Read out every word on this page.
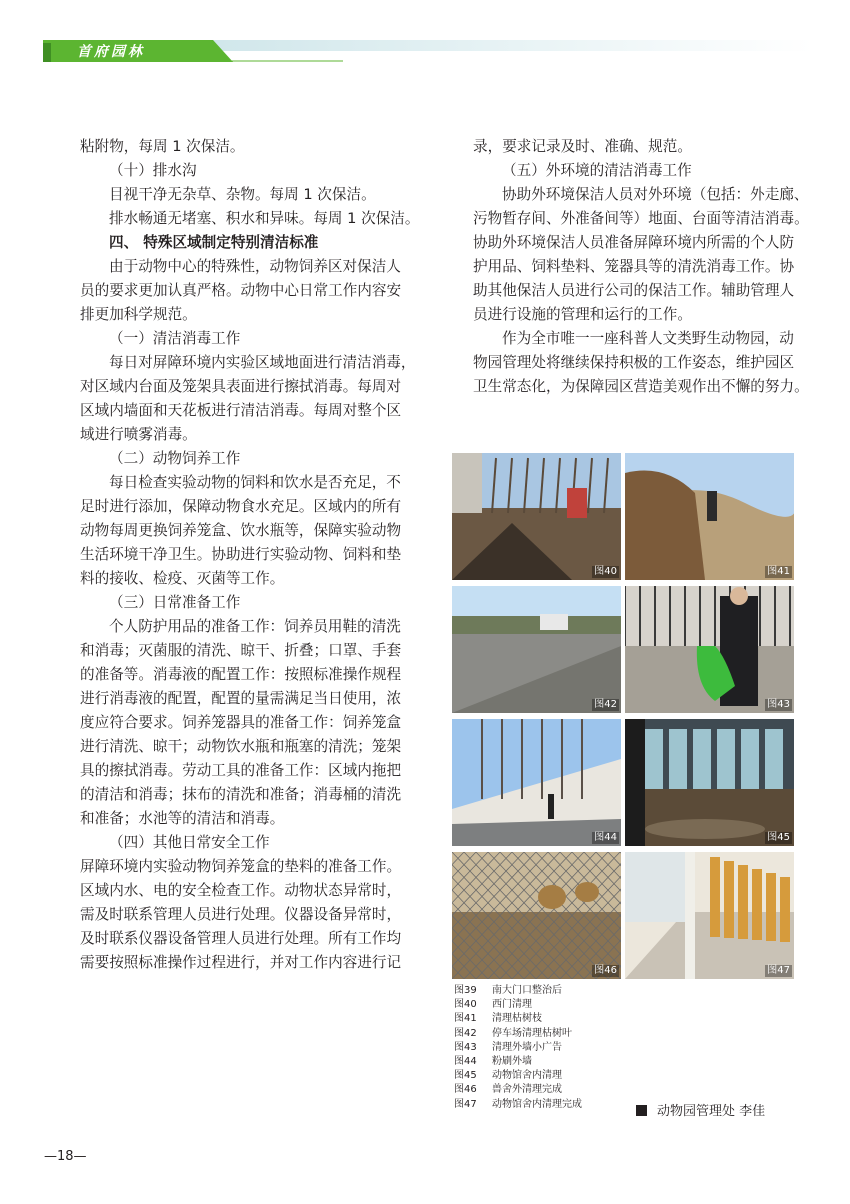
首府园林

粘附物，每周 1 次保洁。

（十）排水沟

目视干净无杂草、杂物。每周 1 次保洁。

排水畅通无堵塞、积水和异味。每周 1 次保洁。

四、 特殊区域制定特别清洁标准

由于动物中心的特殊性，动物饲养区对保洁人

员的要求更加认真严格。动物中心日常工作内容安

排更加科学规范。

（一）清洁消毒工作

每日对屏障环境内实验区域地面进行清洁消毒，

对区域内台面及笼架具表面进行擦拭消毒。每周对

区域内墙面和天花板进行清洁消毒。每周对整个区

域进行喷雾消毒。

（二）动物饲养工作

每日检查实验动物的饲料和饮水是否充足，不

足时进行添加，保障动物食水充足。区域内的所有

动物每周更换饲养笼盒、饮水瓶等，保障实验动物

生活环境干净卫生。协助进行实验动物、饲料和垫

料的接收、检疫、灭菌等工作。

（三）日常准备工作

个人防护用品的准备工作：饲养员用鞋的清洗

和消毒；灭菌服的清洗、晾干、折叠；口罩、手套

的准备等。消毒液的配置工作：按照标准操作规程

进行消毒液的配置，配置的量需满足当日使用，浓

度应符合要求。饲养笼器具的准备工作：饲养笼盒

进行清洗、晾干；动物饮水瓶和瓶塞的清洗；笼架

具的擦拭消毒。劳动工具的准备工作：区域内拖把

的清洁和消毒；抹布的清洗和准备；消毒桶的清洗

和准备；水池等的清洁和消毒。

（四）其他日常安全工作

屏障环境内实验动物饲养笼盒的垫料的准备工作。

区域内水、电的安全检查工作。动物状态异常时，

需及时联系管理人员进行处理。仪器设备异常时，

及时联系仪器设备管理人员进行处理。所有工作均

需要按照标准操作过程进行，并对工作内容进行记

录，要求记录及时、准确、规范。

（五）外环境的清洁消毒工作

协助外环境保洁人员对外环境（包括：外走廊、

污物暂存间、外准备间等）地面、台面等清洁消毒。

协助外环境保洁人员准备屏障环境内所需的个人防

护用品、饲料垫料、笼器具等的清洗消毒工作。协

助其他保洁人员进行公司的保洁工作。辅助管理人

员进行设施的管理和运行的工作。

作为全市唯一一座科普人文类野生动物园，动

物园管理处将继续保持积极的工作姿态，维护园区

卫生常态化，为保障园区营造美观作出不懈的努力。

图40	图41
图42	图43
图44	图45
图46	图47
图39 南大门口整治后
图40 西门清理
图41 清理枯树枝
图42 停车场清理枯树叶
图43 清理外墙小广告
图44 粉刷外墙
图45 动物馆舍内清理
图46 兽舍外清理完成
图47 动物馆舍内清理完成	动物园管理处 李佳
—18—
